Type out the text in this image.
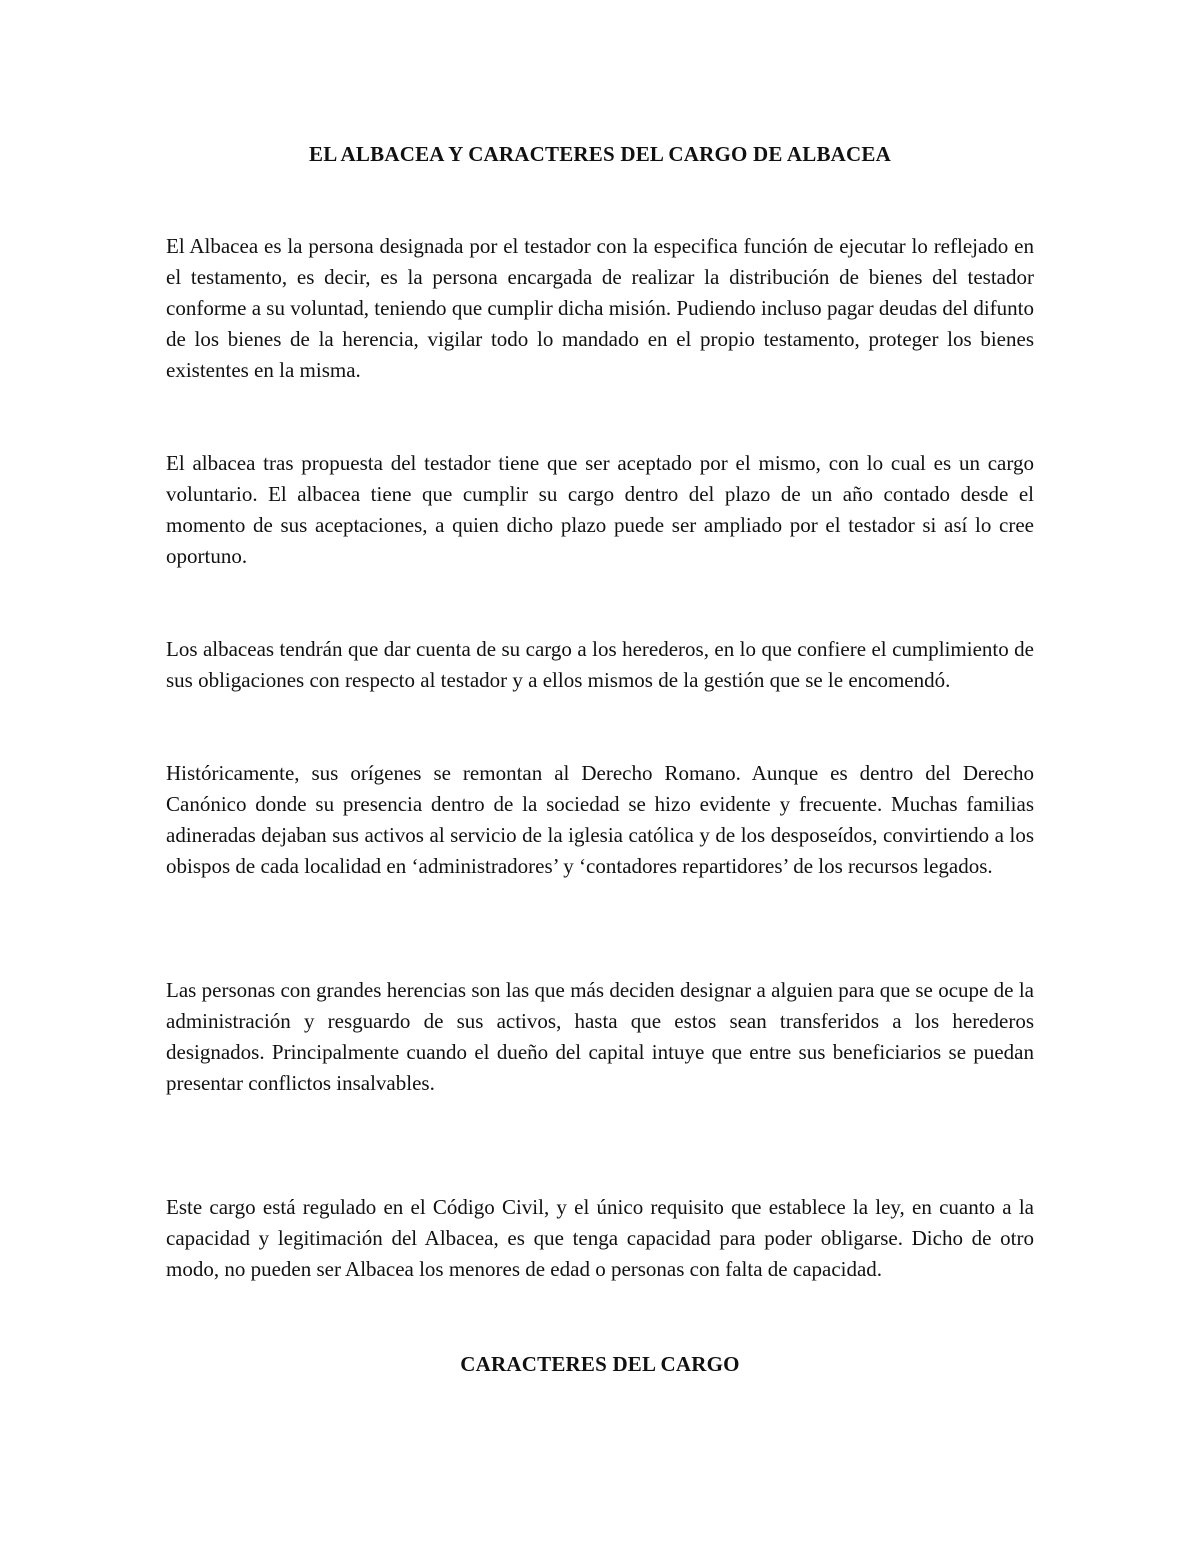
EL ALBACEA Y CARACTERES DEL CARGO DE ALBACEA

El Albacea es la persona designada por el testador con la especifica función de ejecutar lo reflejado en el testamento, es decir, es la persona encargada de realizar la distribución de bienes del testador conforme a su voluntad, teniendo que cumplir dicha misión. Pudiendo incluso pagar deudas del difunto de los bienes de la herencia, vigilar todo lo mandado en el propio testamento, proteger los bienes existentes en la misma.

El albacea tras propuesta del testador tiene que ser aceptado por el mismo, con lo cual es un cargo voluntario. El albacea tiene que cumplir su cargo dentro del plazo de un año contado desde el momento de sus aceptaciones, a quien dicho plazo puede ser ampliado por el testador si así lo cree oportuno.

Los albaceas tendrán que dar cuenta de su cargo a los herederos, en lo que confiere el cumplimiento de sus obligaciones con respecto al testador y a ellos mismos de la gestión que se le encomendó.

Históricamente, sus orígenes se remontan al Derecho Romano. Aunque es dentro del Derecho Canónico donde su presencia dentro de la sociedad se hizo evidente y frecuente. Muchas familias adineradas dejaban sus activos al servicio de la iglesia católica y de los desposeídos, convirtiendo a los obispos de cada localidad en ‘administradores’ y ‘contadores repartidores’ de los recursos legados.

Las personas con grandes herencias son las que más deciden designar a alguien para que se ocupe de la administración y resguardo de sus activos, hasta que estos sean transferidos a los herederos designados. Principalmente cuando el dueño del capital intuye que entre sus beneficiarios se puedan presentar conflictos insalvables.

Este cargo está regulado en el Código Civil, y el único requisito que establece la ley, en cuanto a la capacidad y legitimación del Albacea, es que tenga capacidad para poder obligarse. Dicho de otro modo, no pueden ser Albacea los menores de edad o personas con falta de capacidad.

CARACTERES DEL CARGO
